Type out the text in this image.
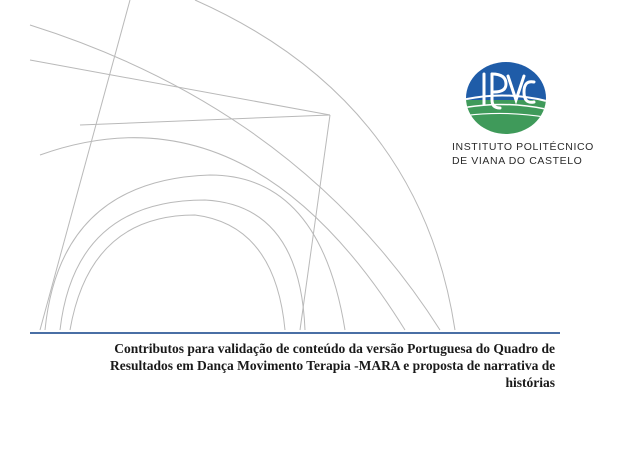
INSTITUTO POLITÉCNICO
DE VIANA DO CASTELO
Contributos para validação de conteúdo da versão Portuguesa do Quadro de
Resultados em Dança Movimento Terapia -MARA e proposta de narrativa de
histórias
